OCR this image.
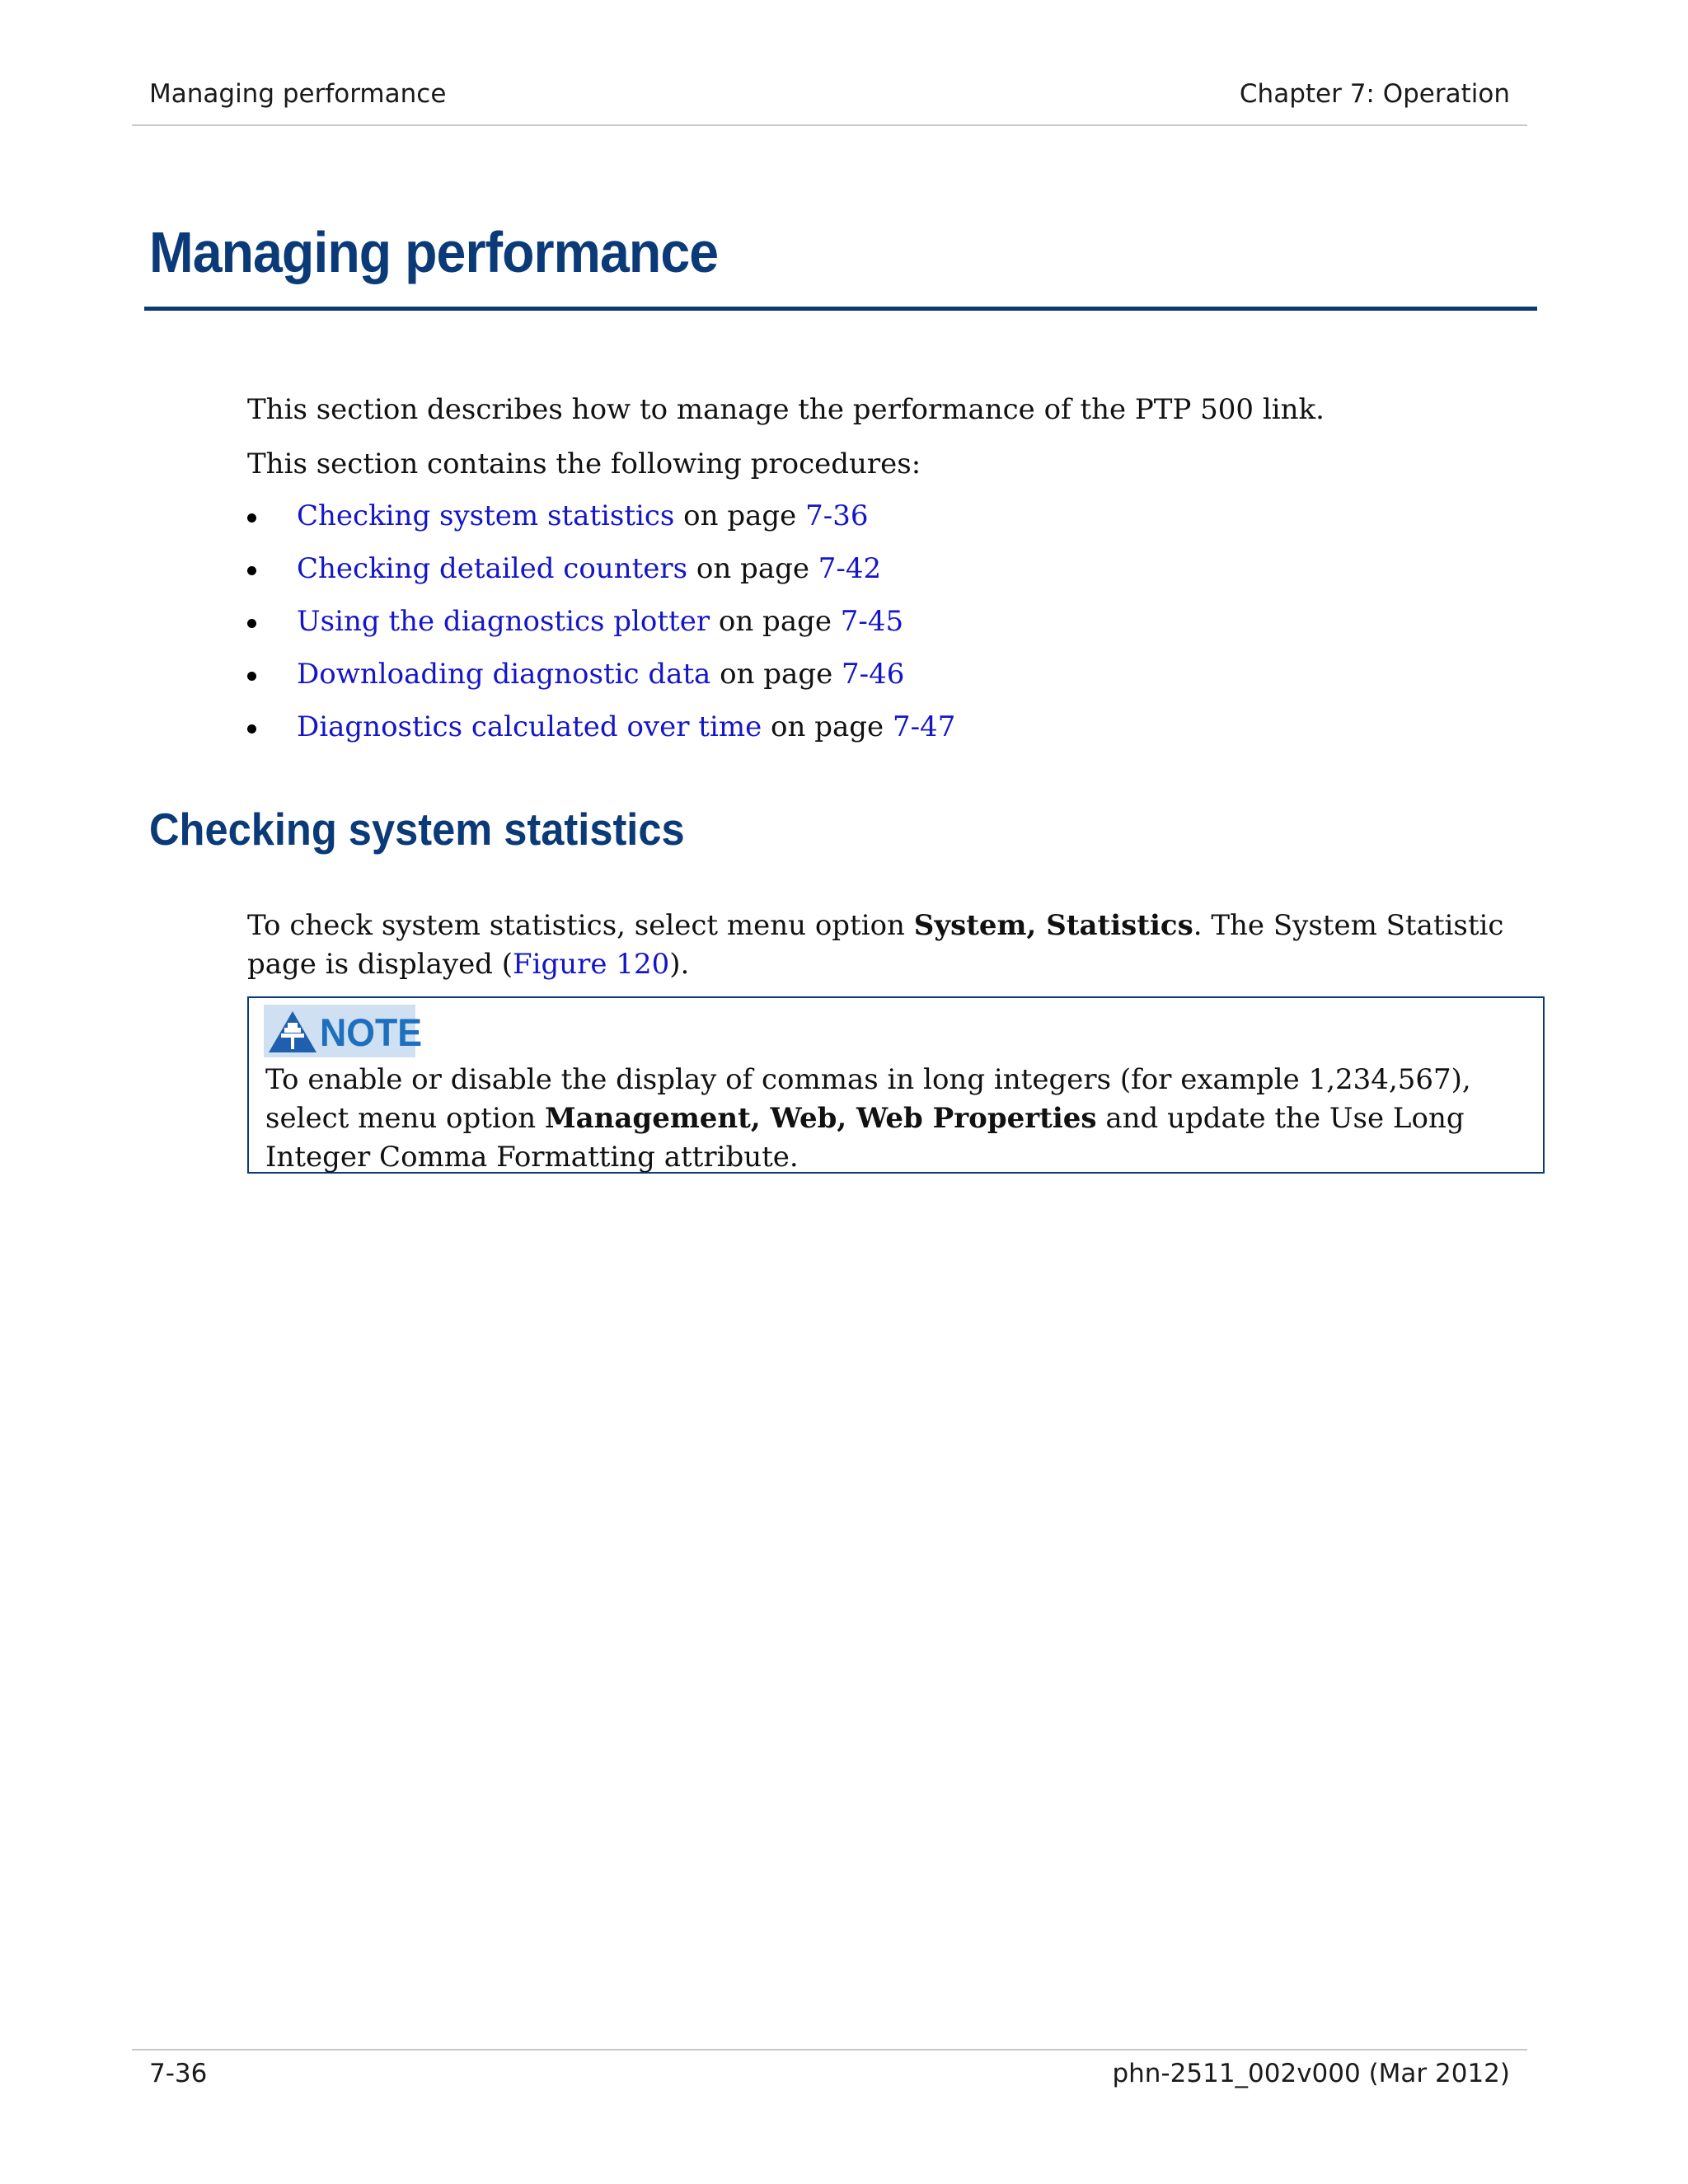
Managing performance	Chapter 7: Operation
Managing performance
This section describes how to manage the performance of the PTP 500 link.
This section contains the following procedures:
Checking system statistics on page 7-36
Checking detailed counters on page 7-42
Using the diagnostics plotter on page 7-45
Downloading diagnostic data on page 7-46
Diagnostics calculated over time on page 7-47
Checking system statistics
To check system statistics, select menu option System, Statistics. The System Statistic page is displayed (Figure 120).
NOTE
To enable or disable the display of commas in long integers (for example 1,234,567), select menu option Management, Web, Web Properties and update the Use Long Integer Comma Formatting attribute.
7-36	phn-2511_002v000 (Mar 2012)
